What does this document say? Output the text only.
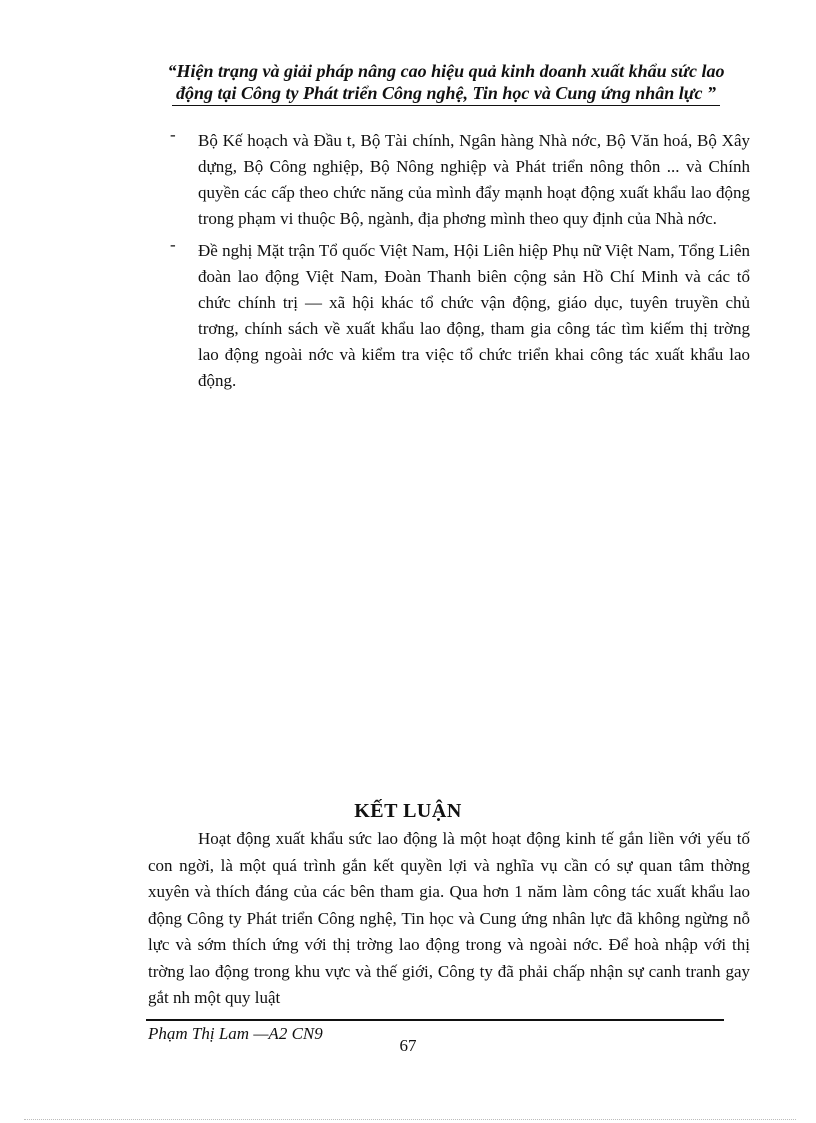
“Hiện trạng và giải pháp nâng cao hiệu quả kinh doanh xuất khẩu sức lao
động tại Công ty Phát triển Công nghệ, Tin học và Cung ứng nhân lực ”
- Bộ Kế hoạch và Đầu t, Bộ Tài chính, Ngân hàng Nhà nớc, Bộ Văn hoá, Bộ Xây dựng, Bộ Công nghiệp, Bộ Nông nghiệp và Phát triển nông thôn ... và Chính quyền các cấp theo chức năng của mình đẩy mạnh hoạt động xuất khẩu lao động trong phạm vi thuộc Bộ, ngành, địa phơng mình theo quy định của Nhà nớc.

- Đề nghị Mặt trận Tổ quốc Việt Nam, Hội Liên hiệp Phụ nữ Việt Nam, Tổng Liên đoàn lao động Việt Nam, Đoàn Thanh biên cộng sản Hồ Chí Minh và các tổ chức chính trị — xã hội khác tổ chức vận động, giáo dục, tuyên truyền chủ trơng, chính sách về xuất khẩu lao động, tham gia công tác tìm kiếm thị trờng lao động ngoài nớc và kiểm tra việc tổ chức triển khai công tác xuất khẩu lao động.

KẾT LUẬN

Hoạt động xuất khẩu sức lao động là một hoạt động kinh tế gắn liền với yếu tố con ngời, là một quá trình gắn kết quyền lợi và nghĩa vụ cần có sự quan tâm thờng xuyên và thích đáng của các bên tham gia. Qua hơn 1 năm làm công tác xuất khẩu lao động Công ty Phát triển Công nghệ, Tin học và Cung ứng nhân lực đã không ngừng nỗ lực và sớm thích ứng với thị trờng lao động trong và ngoài nớc. Để hoà nhập với thị trờng lao động trong khu vực và thế giới, Công ty đã phải chấp nhận sự canh tranh gay gắt nh một quy luật

Phạm Thị Lam —A2 CN9
67
